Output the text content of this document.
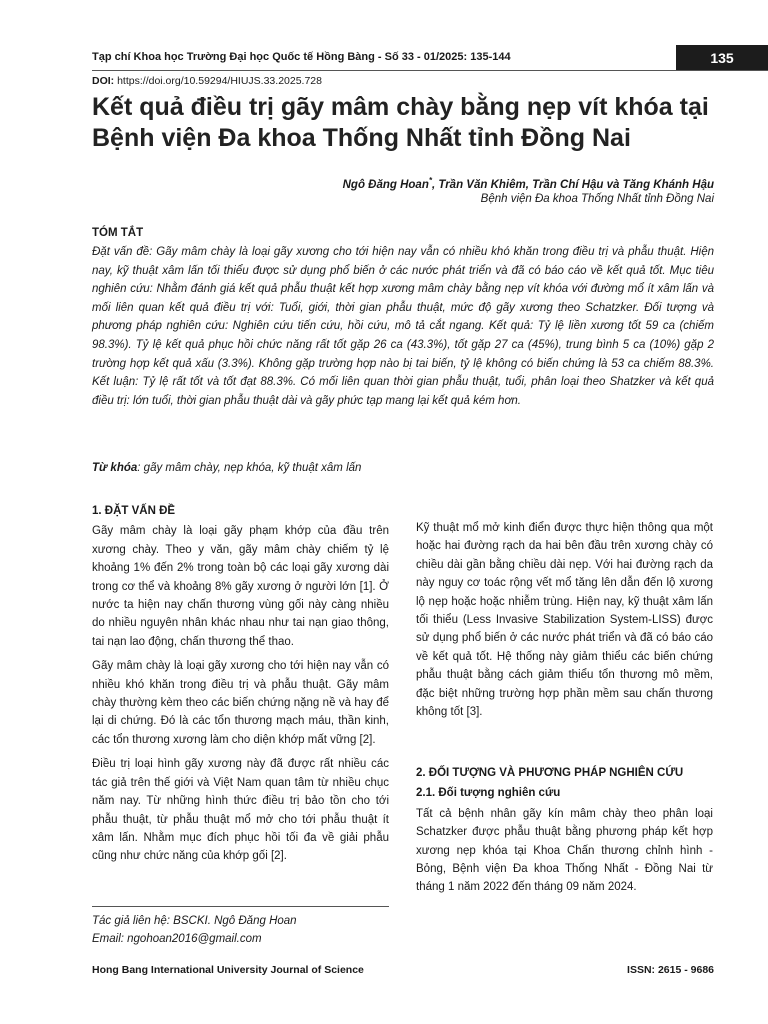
Tạp chí Khoa học Trường Đại học Quốc tế Hồng Bàng - Số 33 - 01/2025: 135-144	135
DOI: https://doi.org/10.59294/HIUJS.33.2025.728
Kết quả điều trị gãy mâm chày bằng nẹp vít khóa tại Bệnh viện Đa khoa Thống Nhất tỉnh Đồng Nai
Ngô Đăng Hoan*, Trần Văn Khiêm, Trần Chí Hậu và Tăng Khánh Hậu
Bệnh viện Đa khoa Thống Nhất tỉnh Đồng Nai
TÓM TẮT
Đặt vấn đề: Gãy mâm chày là loại gãy xương cho tới hiện nay vẫn có nhiều khó khăn trong điều trị và phẫu thuật. Hiện nay, kỹ thuật xâm lấn tối thiểu được sử dụng phổ biến ở các nước phát triển và đã có báo cáo về kết quả tốt. Mục tiêu nghiên cứu: Nhằm đánh giá kết quả phẫu thuật kết hợp xương mâm chày bằng nẹp vít khóa với đường mổ ít xâm lấn và mối liên quan kết quả điều trị với: Tuổi, giới, thời gian phẫu thuật, mức độ gãy xương theo Schatzker. Đối tượng và phương pháp nghiên cứu: Nghiên cứu tiến cứu, hồi cứu, mô tả cắt ngang. Kết quả: Tỷ lệ liền xương tốt 59 ca (chiếm 98.3%). Tỷ lệ kết quả phục hồi chức năng rất tốt gặp 26 ca (43.3%), tốt gặp 27 ca (45%), trung bình 5 ca (10%) gặp 2 trường hợp kết quả xấu (3.3%). Không gặp trường hợp nào bị tai biến, tỷ lệ không có biến chứng là 53 ca chiếm 88.3%. Kết luận: Tỷ lệ rất tốt và tốt đạt 88.3%. Có mối liên quan thời gian phẫu thuật, tuổi, phân loại theo Shatzker và kết quả điều trị: lớn tuổi, thời gian phẫu thuật dài và gãy phức tạp mang lại kết quả kém hơn.
Từ khóa: gãy mâm chày, nẹp khóa, kỹ thuật xâm lấn
1. ĐẶT VẤN ĐỀ

Gãy mâm chày là loại gãy phạm khớp của đầu trên xương chày. Theo y văn, gãy mâm chày chiếm tỷ lệ khoảng 1% đến 2% trong toàn bộ các loại gãy xương dài trong cơ thể và khoảng 8% gãy xương ở người lớn [1]. Ở nước ta hiện nay chấn thương vùng gối này càng nhiều do nhiều nguyên nhân khác nhau như tai nạn giao thông, tai nạn lao động, chấn thương thể thao.

Gãy mâm chày là loại gãy xương cho tới hiện nay vẫn có nhiều khó khăn trong điều trị và phẫu thuật. Gãy mâm chày thường kèm theo các biến chứng nặng nề và hay để lại di chứng. Đó là các tổn thương mạch máu, thần kinh, các tổn thương xương làm cho diện khớp mất vững [2].

Điều trị loại hình gãy xương này đã được rất nhiều các tác giả trên thế giới và Việt Nam quan tâm từ nhiều chục năm nay. Từ những hình thức điều trị bảo tồn cho tới phẫu thuật, từ phẫu thuật mổ mở cho tới phẫu thuật ít xâm lấn. Nhằm mục đích phục hồi tối đa về giải phẫu cũng như chức năng của khớp gối [2].

Kỹ thuật mổ mở kinh điển được thực hiện thông qua một hoặc hai đường rạch da hai bên đầu trên xương chày có chiều dài gần bằng chiều dài nẹp. Với hai đường rạch da này nguy cơ toác rộng vết mổ tăng lên dẫn đến lộ xương lộ nẹp hoặc hoặc nhiễm trùng. Hiện nay, kỹ thuật xâm lấn tối thiểu (Less Invasive Stabilization System-LISS) được sử dụng phổ biến ở các nước phát triển và đã có báo cáo về kết quả tốt. Hệ thống này giảm thiểu các biến chứng phẫu thuật bằng cách giảm thiểu tổn thương mô mềm, đặc biệt những trường hợp phần mềm sau chấn thương không tốt [3].

2. ĐỐI TƯỢNG VÀ PHƯƠNG PHÁP NGHIÊN CỨU
2.1. Đối tượng nghiên cứu

Tất cả bệnh nhân gãy kín mâm chày theo phân loại Schatzker được phẫu thuật bằng phương pháp kết hợp xương nẹp khóa tại Khoa Chấn thương chỉnh hình - Bỏng, Bệnh viện Đa khoa Thống Nhất - Đồng Nai từ tháng 1 năm 2022 đến tháng 09 năm 2024.

Tác giả liên hệ: BSCKI. Ngô Đăng Hoan
Email: ngohoan2016@gmail.com
Hong Bang International University Journal of Science	ISSN: 2615 - 9686
